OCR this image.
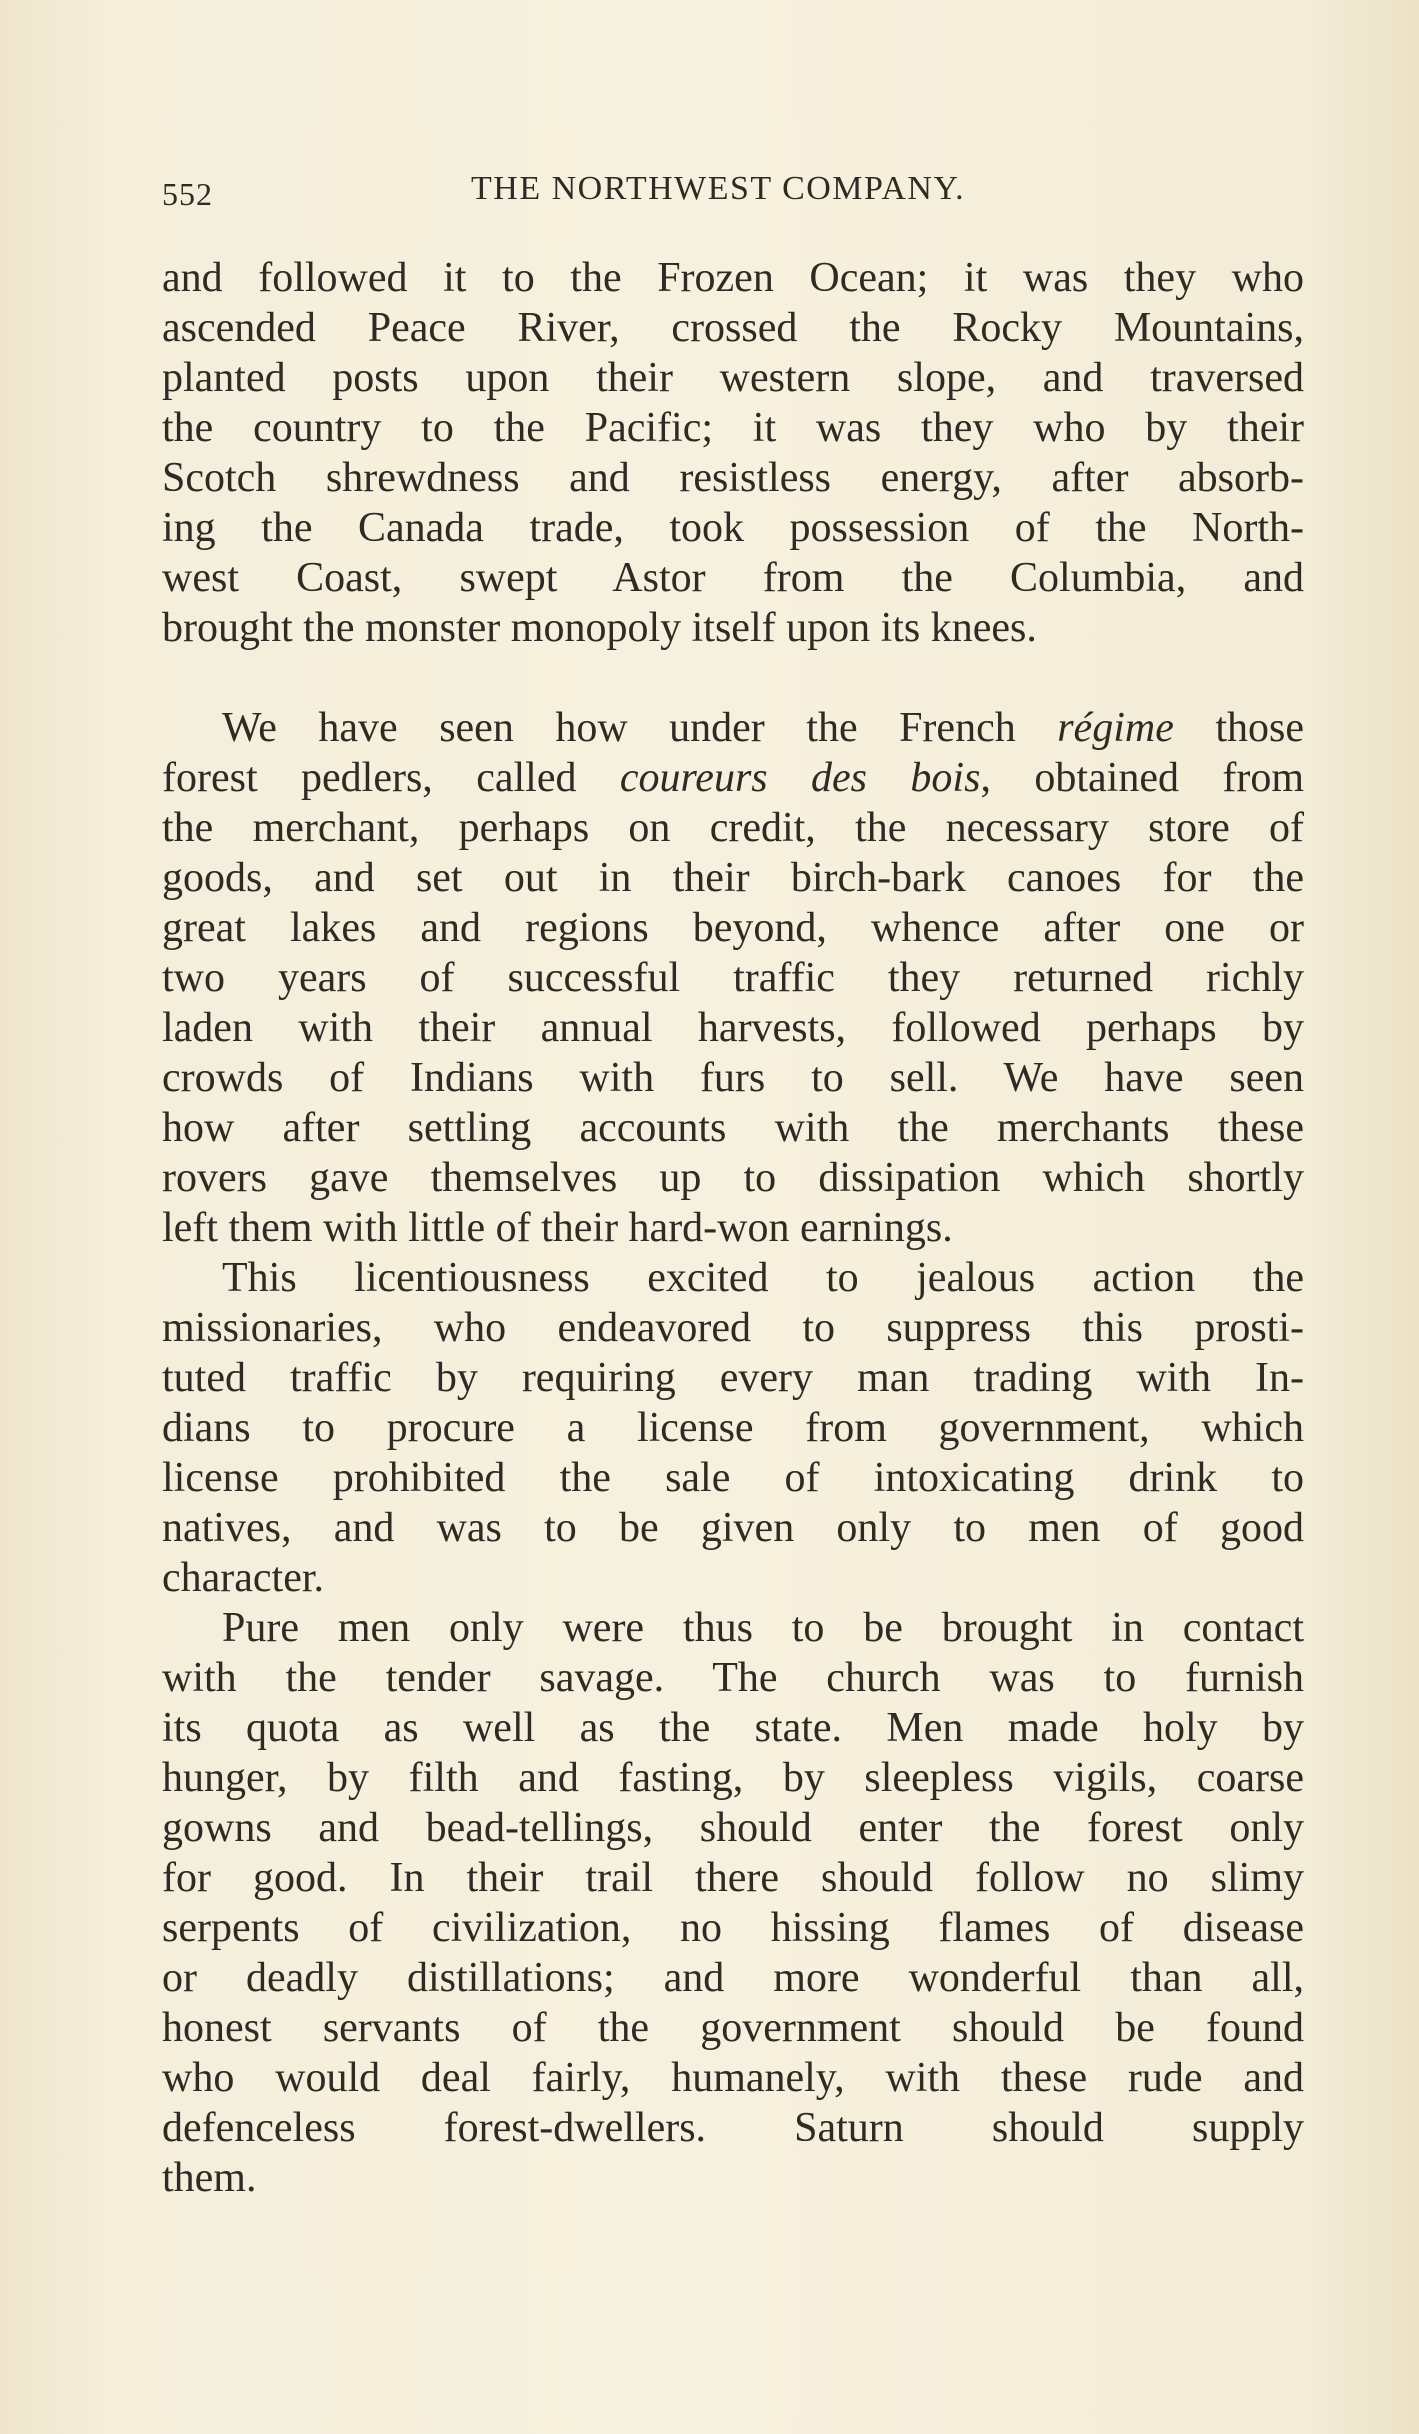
552	THE NORTHWEST COMPANY.
and followed it to the Frozen Ocean; it was they who
ascended Peace River, crossed the Rocky Mountains,
planted posts upon their western slope, and traversed
the country to the Pacific; it was they who by their
Scotch shrewdness and resistless energy, after absorb-
ing the Canada trade, took possession of the North-
west Coast, swept Astor from the Columbia, and
brought the monster monopoly itself upon its knees.
We have seen how under the French régime those
forest pedlers, called coureurs des bois, obtained from
the merchant, perhaps on credit, the necessary store of
goods, and set out in their birch-bark canoes for the
great lakes and regions beyond, whence after one or
two years of successful traffic they returned richly
laden with their annual harvests, followed perhaps by
crowds of Indians with furs to sell. We have seen
how after settling accounts with the merchants these
rovers gave themselves up to dissipation which shortly
left them with little of their hard-won earnings.
This licentiousness excited to jealous action the
missionaries, who endeavored to suppress this prosti-
tuted traffic by requiring every man trading with In-
dians to procure a license from government, which
license prohibited the sale of intoxicating drink to
natives, and was to be given only to men of good
character.
Pure men only were thus to be brought in contact
with the tender savage. The church was to furnish
its quota as well as the state. Men made holy by
hunger, by filth and fasting, by sleepless vigils, coarse
gowns and bead-tellings, should enter the forest only
for good. In their trail there should follow no slimy
serpents of civilization, no hissing flames of disease
or deadly distillations; and more wonderful than all,
honest servants of the government should be found
who would deal fairly, humanely, with these rude and
defenceless forest-dwellers. Saturn should supply
them.
